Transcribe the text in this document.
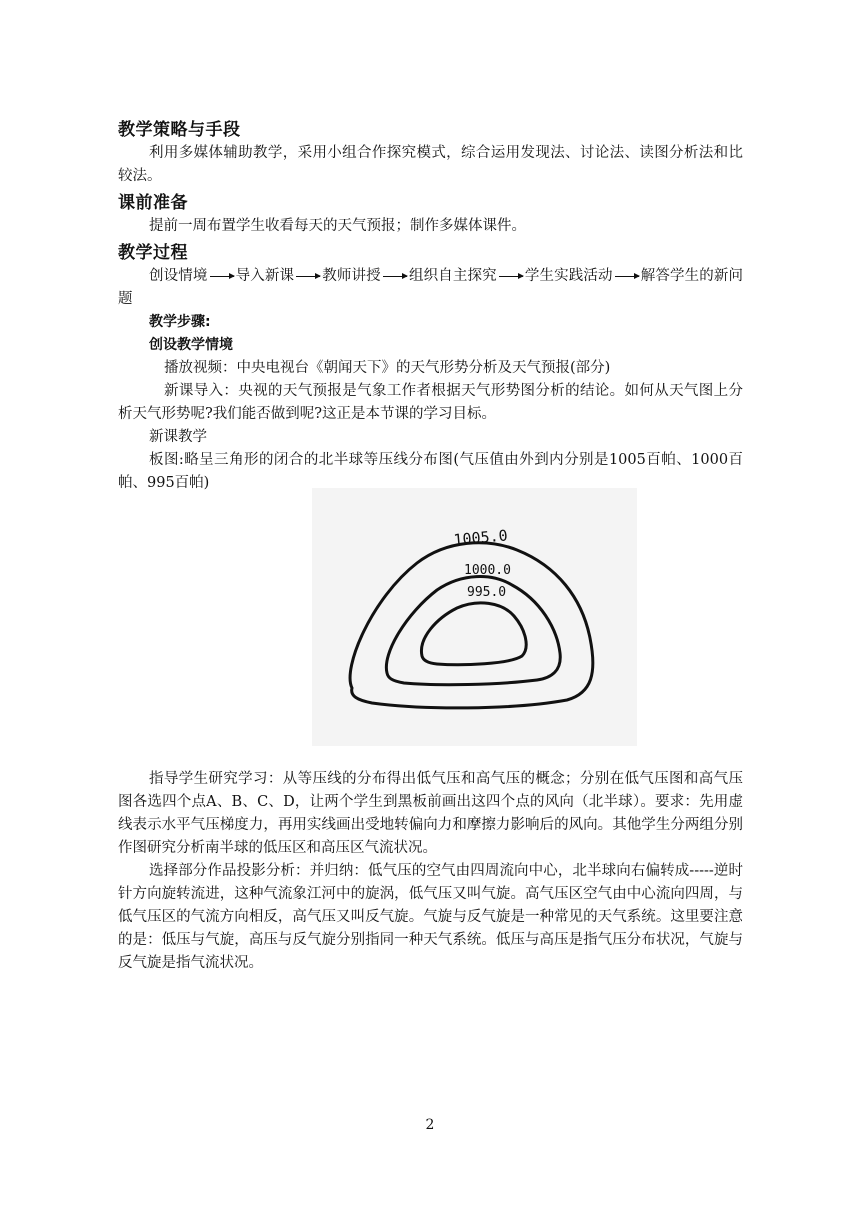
教学策略与手段

利用多媒体辅助教学，采用小组合作探究模式，综合运用发现法、讨论法、读图分析法和比较法。

课前准备

提前一周布置学生收看每天的天气预报；制作多媒体课件。

教学过程

创设情境 导入新课 教师讲授 组织自主探究 学生实践活动 解答学生的新问题

教学步骤:

创设教学情境

播放视频：中央电视台《朝闻天下》的天气形势分析及天气预报(部分)

新课导入：央视的天气预报是气象工作者根据天气形势图分析的结论。如何从天气图上分析天气形势呢?我们能否做到呢?这正是本节课的学习目标。

新课教学

板图:略呈三角形的闭合的北半球等压线分布图(气压值由外到内分别是1005百帕、1000百帕、995百帕)

1005.0
1000.0
995.0

指导学生研究学习：从等压线的分布得出低气压和高气压的概念；分别在低气压图和高气压图各选四个点A、B、C、D，让两个学生到黑板前画出这四个点的风向（北半球）。要求：先用虚线表示水平气压梯度力，再用实线画出受地转偏向力和摩擦力影响后的风向。其他学生分两组分别作图研究分析南半球的低压区和高压区气流状况。

选择部分作品投影分析：并归纳：低气压的空气由四周流向中心，北半球向右偏转成-----逆时针方向旋转流进，这种气流象江河中的旋涡，低气压又叫气旋。高气压区空气由中心流向四周，与低气压区的气流方向相反，高气压又叫反气旋。气旋与反气旋是一种常见的天气系统。这里要注意的是：低压与气旋，高压与反气旋分别指同一种天气系统。低压与高压是指气压分布状况，气旋与反气旋是指气流状况。

2
